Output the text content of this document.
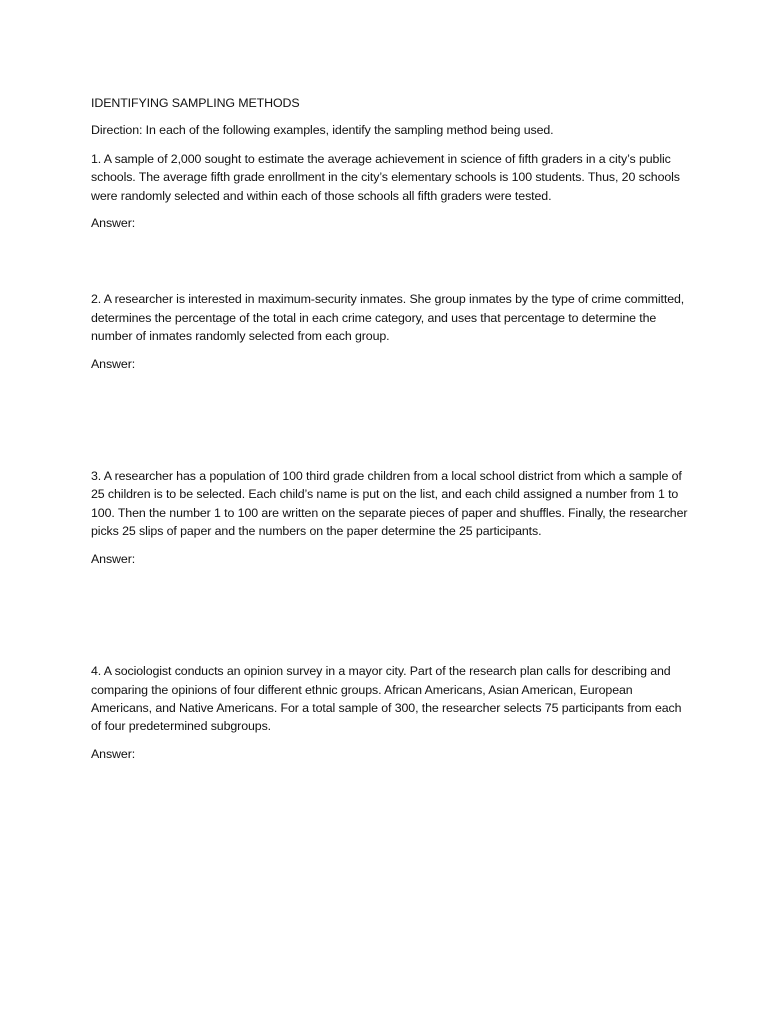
IDENTIFYING SAMPLING METHODS
Direction: In each of the following examples, identify the sampling method being used.
1. A sample of 2,000 sought to estimate the average achievement in science of fifth graders in a city’s public schools. The average fifth grade enrollment in the city’s elementary schools is 100 students. Thus, 20 schools were randomly selected and within each of those schools all fifth graders were tested.
Answer:
2. A researcher is interested in maximum-security inmates. She group inmates by the type of crime committed, determines the percentage of the total in each crime category, and uses that percentage to determine the number of inmates randomly selected from each group.
Answer:
3. A researcher has a population of 100 third grade children from a local school district from which a sample of 25 children is to be selected. Each child’s name is put on the list, and each child assigned a number from 1 to 100. Then the number 1 to 100 are written on the separate pieces of paper and shuffles. Finally, the researcher picks 25 slips of paper and the numbers on the paper determine the 25 participants.
Answer:
4. A sociologist conducts an opinion survey in a mayor city. Part of the research plan calls for describing and comparing the opinions of four different ethnic groups. African Americans, Asian American, European Americans, and Native Americans. For a total sample of 300, the researcher selects 75 participants from each of four predetermined subgroups.
Answer:
